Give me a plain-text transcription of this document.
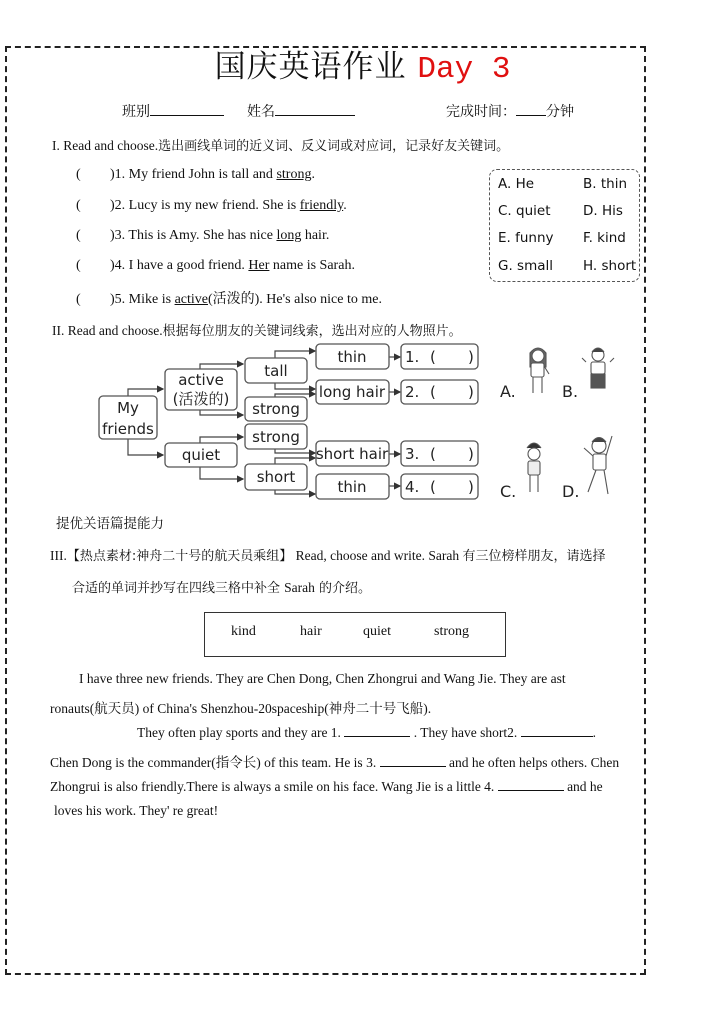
国庆英语作业 Day 3
班别	姓名	完成时间： 分钟
I. Read and choose.选出画线单词的近义词、反义词或对应词，记录好友关键词。
( )1. My friend John is tall and strong.
( )2. Lucy is my new friend. She is friendly.
( )3. This is Amy. She has nice long hair.
( )4. I have a good friend. Her name is Sarah.
( )5. Mike is active(活泼的). He's also nice to me.
A. He	B. thin
C. quiet D. His
E. funny F. kind
G. small H. short
II. Read and choose.根据每位朋友的关键词线索，选出对应的人物照片。
My
friends
active
(活泼的)
quiet
tall
strong
strong
short
thin
long hair
short hair
thin
1. ( )
2. ( )
3. ( )
4. ( )
A.	B.
C.	D.
提优关语篇提能力
III.【热点素材:神舟二十号的航天员乘组】 Read, choose and write. Sarah 有三位榜样朋友，请选择
合适的单词并抄写在四线三格中补全 Sarah 的介绍。
kind	hair	quiet	strong
I have three new friends. They are Chen Dong, Chen Zhongrui and Wang Jie. They are ast
ronauts(航天员) of China's Shenzhou-20spaceship(神舟二十号飞船).
They often play sports and they are 1.	. They have short2.	.
Chen Dong is the commander(指令长) of this team. He is 3.	and he often helps others. Chen
Zhongrui is also friendly.There is always a smile on his face. Wang Jie is a little 4.	and he
loves his work. They' re great!
